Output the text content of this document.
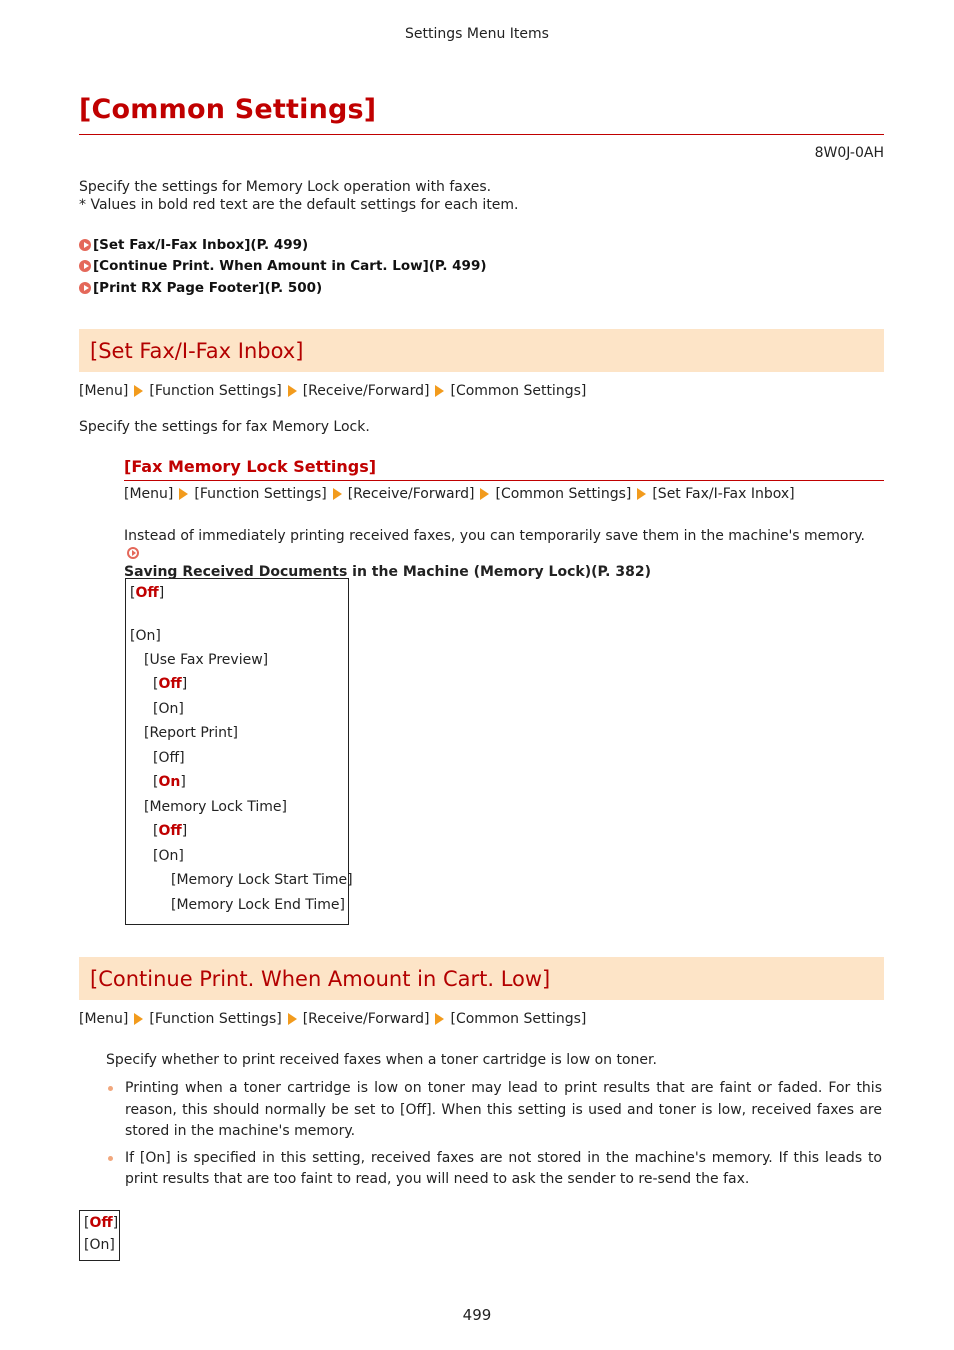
Settings Menu Items
[Common Settings]
8W0J-0AH
Specify the settings for Memory Lock operation with faxes.
* Values in bold red text are the default settings for each item.
[Set Fax/I-Fax Inbox](P. 499)
[Continue Print. When Amount in Cart. Low](P. 499)
[Print RX Page Footer](P. 500)
[Set Fax/I-Fax Inbox]
[Menu] [Function Settings] [Receive/Forward] [Common Settings]
Specify the settings for fax Memory Lock.
[Fax Memory Lock Settings]
[Menu] [Function Settings] [Receive/Forward] [Common Settings] [Set Fax/I-Fax Inbox]
Instead of immediately printing received faxes, you can temporarily save them in the machine's memory.
Saving Received Documents in the Machine (Memory Lock)(P. 382)
[Off]
[On]
[Use Fax Preview]
[Off]
[On]
[Report Print]
[Off]
[On]
[Memory Lock Time]
[Off]
[On]
[Memory Lock Start Time]
[Memory Lock End Time]
[Continue Print. When Amount in Cart. Low]
[Menu] [Function Settings] [Receive/Forward] [Common Settings]
Specify whether to print received faxes when a toner cartridge is low on toner.
Printing when a toner cartridge is low on toner may lead to print results that are faint or faded. For this reason, this should normally be set to [Off]. When this setting is used and toner is low, received faxes are stored in the machine's memory.
If [On] is specified in this setting, received faxes are not stored in the machine's memory. If this leads to print results that are too faint to read, you will need to ask the sender to re-send the fax.
[Off]
[On]
499
